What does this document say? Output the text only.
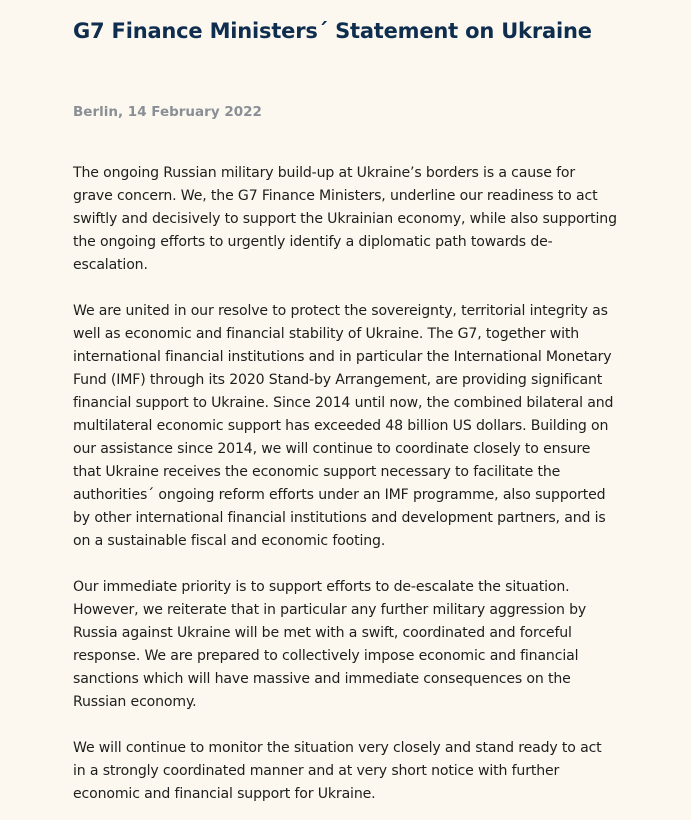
G7 Finance Ministers´ Statement on Ukraine
Berlin, 14 February 2022

The ongoing Russian military build-up at Ukraine’s borders is a cause for grave concern. We, the G7 Finance Ministers, underline our readiness to act swiftly and decisively to support the Ukrainian economy, while also supporting the ongoing efforts to urgently identify a diplomatic path towards de-escalation.

We are united in our resolve to protect the sovereignty, territorial integrity as well as economic and financial stability of Ukraine. The G7, together with international financial institutions and in particular the International Monetary Fund (IMF) through its 2020 Stand-by Arrangement, are providing significant financial support to Ukraine. Since 2014 until now, the combined bilateral and multilateral economic support has exceeded 48 billion US dollars. Building on our assistance since 2014, we will continue to coordinate closely to ensure that Ukraine receives the economic support necessary to facilitate the authorities´ ongoing reform efforts under an IMF programme, also supported by other international financial institutions and development partners, and is on a sustainable fiscal and economic footing.

Our immediate priority is to support efforts to de-escalate the situation. However, we reiterate that in particular any further military aggression by Russia against Ukraine will be met with a swift, coordinated and forceful response. We are prepared to collectively impose economic and financial sanctions which will have massive and immediate consequences on the Russian economy.

We will continue to monitor the situation very closely and stand ready to act in a strongly coordinated manner and at very short notice with further economic and financial support for Ukraine.
